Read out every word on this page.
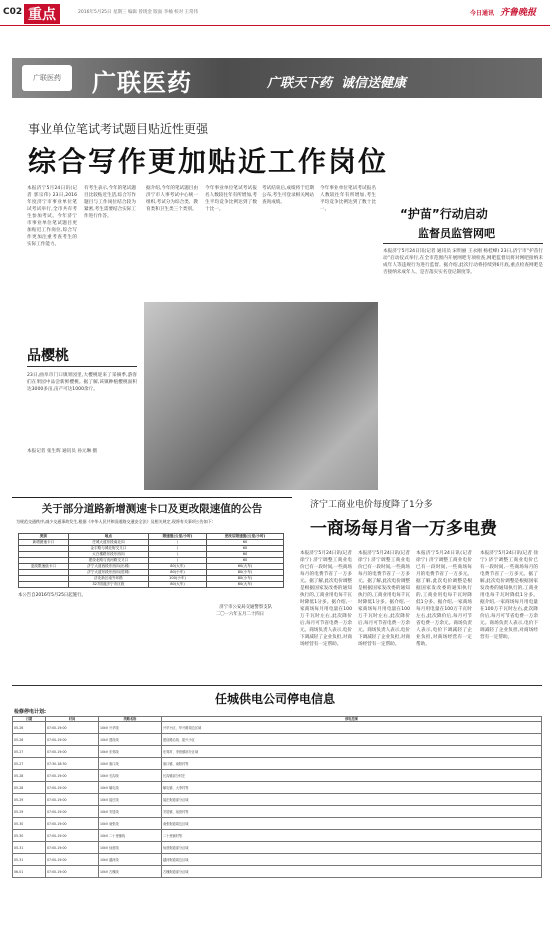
C02 重点	2016年5月25日 星期三 编辑 曾现金 版面 李楠 校对 王常伟	今日通讯 齐鲁晚报
广联医药	广联医药	广联天下药  诚信送健康
事业单位笔试考试题目贴近性更强
综合写作更加贴近工作岗位
本报济宁5月24日讯(记者 郭宗伟) 23日,2016年度济宁市事业单位笔试考试举行,全市共有考生参加考试。今年济宁市事业单位笔试题目更加贴近工作岗位,综合写作更加注重考查考生的实际工作能力。
有考生表示,今年的笔试题目比较贴近生活,综合写作题目与工作岗位结合较为紧密,考生需要结合实际工作进行作答。
据介绍,今年的笔试题目由济宁市人事考试中心统一组织,考试分为综合类、教育类和卫生类三个类别。
今年事业单位笔试考试报名人数较往年有所增加,考生平均竞争比例达到了数十比一。
考试结束后,成绩将于近期公布,考生可登录相关网站查询成绩。
今年事业单位笔试考试报名人数较往年有所增加,考生平均竞争比例达到了数十比一。	“护苗”行动启动
监督员监管网吧
本报济宁5月24日讯(记者 通讯员 宋明丽 王永刚 杨桂峰) 23日,济宁市“护苗行动”启动仪式举行,在全市范围内开展网吧专项检查,网吧监督员将对网吧接纳未成年人等违规行为进行监督。据介绍,此次行动将持续到6月底,重点检查网吧是否接纳未成年人、是否落实实名登记制度等。
品樱桃
23日,曲阜市门口镇果园里,大樱桃迎来了采摘季,游客们在果园中品尝新鲜樱桃。据了解,该镇种植樱桃面积达3000多亩,亩产可达1000余斤。
本报记者 张生辉 通讯员 孙元琳 摄
关于部分道路新增测速卡口及更改限速值的公告
为规范交通秩序,减少交通事故发生,根据《中华人民共和国道路交通安全法》及相关规定,现将有关事项公告如下:
类别	地点	限速值(公里/小时)	更改后限速值(公里/小时)
新增测速卡口	任城大道东段南北向	\	60
	金宇路与城北街交叉口	\	60
	太白楼路东段东西向	\	60
	建设北路与洸河路交叉口	\	60
更改限速值卡口	济宁大道西段东西向(出城)	80(大车)	60(大车)
	济宁大道东段东西向(进城)	80(小车)	80(小车)
	济北新区南外环路	100(小车)	80(小车)
	327国道济宁市区段	80(大车)	60(大车)
本公告自2016年5月25日起施行。
济宁市公安局交通警察支队
二〇一六年五月二十四日
济宁工商业电价每度降了1分多
一商场每月省一万多电费
本报济宁5月24日讯(记者 徐宁) 济宁调整工商业电价已有一段时间,一些商场每月的电费节省了一万多元。据了解,此次电价调整是根据国家发改委的通知执行的,工商业用电每千瓦时降低1分多。据介绍,一家商场每月用电量在100万千瓦时左右,此次降价后,每月可节省电费一万余元。商场负责人表示,电价下调减轻了企业负担,对商场经营有一定帮助。
本报济宁5月24日讯(记者 徐宁) 济宁调整工商业电价已有一段时间,一些商场每月的电费节省了一万多元。据了解,此次电价调整是根据国家发改委的通知执行的,工商业用电每千瓦时降低1分多。据介绍,一家商场每月用电量在100万千瓦时左右,此次降价后,每月可节省电费一万余元。商场负责人表示,电价下调减轻了企业负担,对商场经营有一定帮助。
本报济宁5月24日讯(记者 徐宁) 济宁调整工商业电价已有一段时间,一些商场每月的电费节省了一万多元。据了解,此次电价调整是根据国家发改委的通知执行的,工商业用电每千瓦时降低1分多。据介绍,一家商场每月用电量在100万千瓦时左右,此次降价后,每月可节省电费一万余元。商场负责人表示,电价下调减轻了企业负担,对商场经营有一定帮助。
本报济宁5月24日讯(记者 徐宁) 济宁调整工商业电价已有一段时间,一些商场每月的电费节省了一万多元。据了解,此次电价调整是根据国家发改委的通知执行的,工商业用电每千瓦时降低1分多。据介绍,一家商场每月用电量在100万千瓦时左右,此次降价后,每月可节省电费一万余元。商场负责人表示,电价下调减轻了企业负担,对商场经营有一定帮助。
任城供电公司停电信息
检修停电计划:
日期	时间	线路名称	停电范围
05-26	07:00-19:00	10kV 兴华线	兴华小区、华兴路周边区域
05-26	07:00-19:00	10kV 建设线	建设路沿线、振兴小区
05-27	07:00-19:00	10kV 东郊线	东郊村、李营镇部分区域
05-27	07:30-18:30	10kV 唐口线	唐口镇、南阳村等
05-28	07:00-19:00	10kV 长沟线	长沟镇部分村庄
05-28	07:00-19:00	10kV 喻屯线	喻屯镇、大李村等
05-29	07:00-19:00	10kV 接庄线	接庄街道部分区域
05-29	07:00-19:00	10kV 安居线	安居镇、前营村等
05-30	07:00-19:00	10kV 南张线	南张街道周边区域
05-30	07:00-19:00	10kV 二十里铺线	二十里铺村等
05-31	07:00-19:00	10kV 仙营线	仙营街道部分区域
05-31	07:00-19:00	10kV 越河线	越河街道周边区域
06-01	07:00-19:00	10kV 古槐线	古槐街道部分区域
